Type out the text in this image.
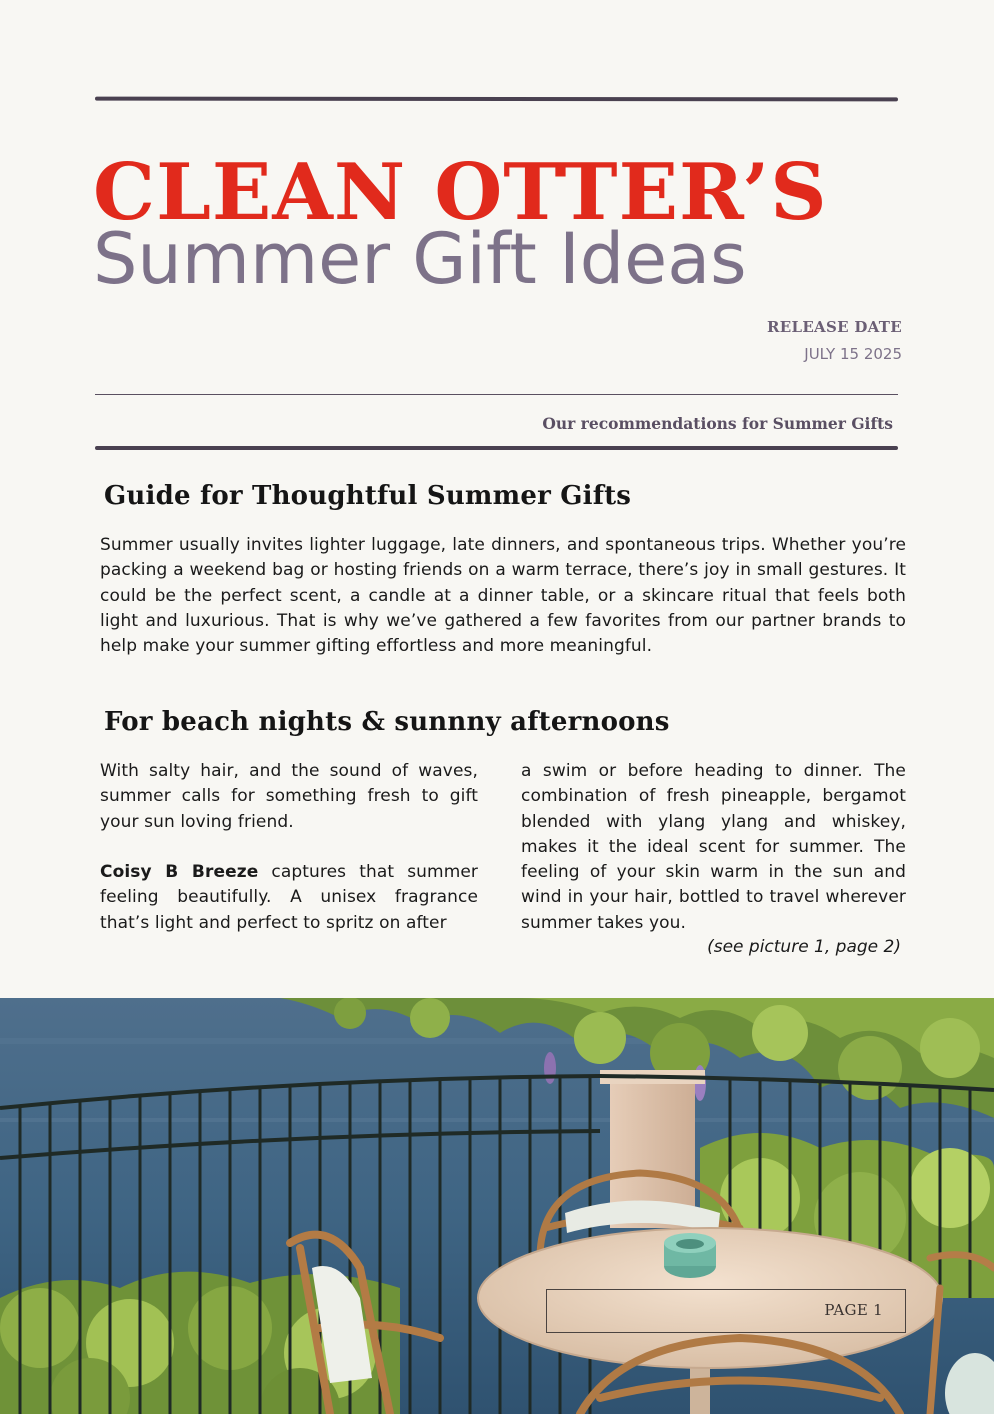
CLEAN OTTER’S
Summer Gift Ideas
RELEASE DATE
JULY 15 2025
Our recommendations for Summer Gifts
Guide for Thoughtful Summer Gifts

Summer usually invites lighter luggage, late dinners, and spontaneous trips. Whether you’re packing a weekend bag or hosting friends on a warm terrace, there’s joy in small gestures. It could be the perfect scent, a candle at a dinner table, or a skincare ritual that feels both light and luxurious. That is why we’ve gathered a few favorites from our partner brands to help make your summer gifting effortless and more meaningful.

For beach nights & sunnny afternoons

With salty hair, and the sound of waves, summer calls for something fresh to gift your sun loving friend.

Coisy B Breeze captures that summer feeling beautifully. A unisex fragrance that’s light and perfect to spritz on after

a swim or before heading to dinner. The combination of fresh pineapple, bergamot blended with ylang ylang and whiskey, makes it the ideal scent for summer. The feeling of your skin warm in the sun and wind in your hair, bottled to travel wherever summer takes you.

(see picture 1, page 2)
PAGE 1
